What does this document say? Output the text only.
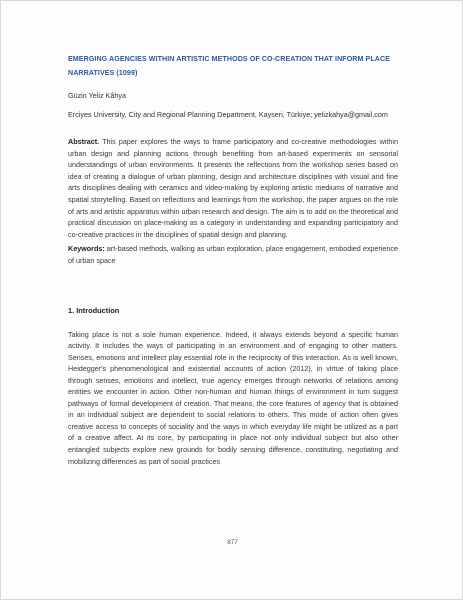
EMERGING AGENCIES WITHIN ARTISTIC METHODS OF CO-CREATION THAT INFORM PLACE NARRATIVES (1099)
Güzin Yeliz Kâhya
Erciyes University, City and Regional Planning Department, Kayseri, Türkiye; yelizkahya@gmail.com
Abstract. This paper explores the ways to frame participatory and co-creative methodologies within urban design and planning actions through benefiting from art-based experiments on sensorial understandings of urban environments. It presents the reflections from the workshop series based on idea of creating a dialogue of urban planning, design and architecture disciplines with visual and fine arts disciplines dealing with ceramics and video-making by exploring artistic mediums of narrative and spatial storytelling. Based on reflections and learnings from the workshop, the paper argues on the role of arts and artistic apparatus within urban research and design. The aim is to add on the theoretical and practical discussion on place-making as a category in understanding and expanding participatory and co-creative practices in the disciplines of spatial design and planning.
Keywords: art-based methods, walking as urban exploration, place engagement, embodied experience of urban space
1. Introduction
Taking place is not a sole human experience. Indeed, it always extends beyond a specific human activity. It includes the ways of participating in an environment and of engaging to other matters. Senses, emotions and intellect play essential role in the reciprocity of this interaction. As is well known, Heidegger's phenomenological and existential accounts of action (2012), in virtue of taking place through senses, emotions and intellect, true agency emerges through networks of relations among entities we encounter in action. Other non-human and human things of environment in turn suggest pathways of formal development of creation. That means, the core features of agency that is obtained in an individual subject are dependent to social relations to others. This mode of action often gives creative access to concepts of sociality and the ways in which everyday life might be utilized as a part of a creative affect. At its core, by participating in place not only individual subject but also other entangled subjects explore new grounds for bodily sensing difference, constituting, negotiating and mobilizing differences as part of social practices
877
